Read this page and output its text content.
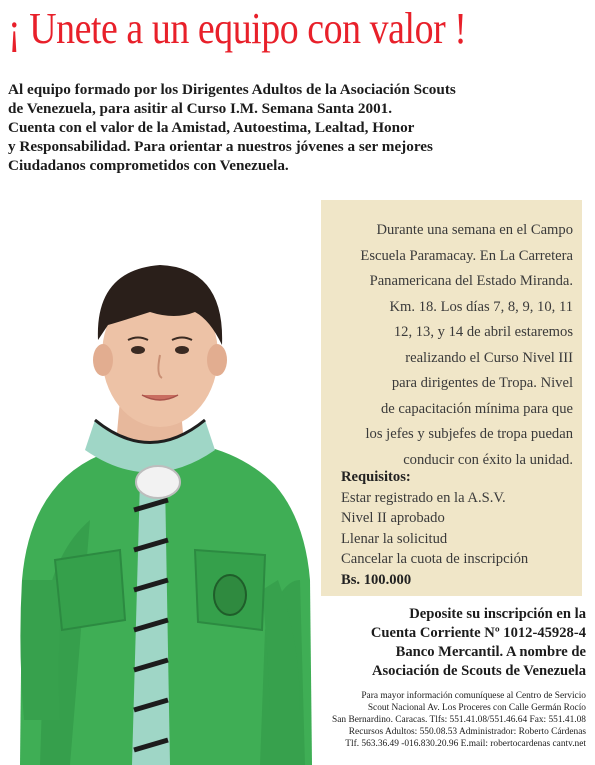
¡ Unete a un equipo con valor !
Al equipo formado por los Dirigentes Adultos de la Asociación Scouts
de Venezuela, para asitir al Curso I.M. Semana Santa 2001.
Cuenta con el valor de la Amistad, Autoestima, Lealtad, Honor
y Responsabilidad. Para orientar a nuestros jóvenes a ser mejores
Ciudadanos comprometidos con Venezuela.
Durante una semana en el Campo
Escuela Paramacay. En La Carretera
Panamericana del Estado Miranda.
Km. 18. Los días 7, 8, 9, 10, 11
12, 13, y 14 de abril estaremos
realizando el Curso Nivel III
para dirigentes de Tropa. Nivel
de capacitación mínima para que
los jefes y subjefes de tropa puedan
conducir con éxito la unidad.
Requisitos:
Estar registrado en la A.S.V.
Nivel II aprobado
Llenar la solicitud
Cancelar la cuota de inscripción
Bs. 100.000
Deposite su inscripción en la
Cuenta Corriente Nº 1012-45928-4
Banco Mercantil. A nombre de
Asociación de Scouts de Venezuela
Para mayor información comuníquese al Centro de Servicio
Scout Nacional Av. Los Proceres con Calle Germán Rocío
San Bernardino. Caracas. Tlfs: 551.41.08/551.46.64 Fax: 551.41.08
Recursos Adultos: 550.08.53 Administrador: Roberto Cárdenas
Tlf. 563.36.49 -016.830.20.96 E.mail: robertocardenas cantv.net
